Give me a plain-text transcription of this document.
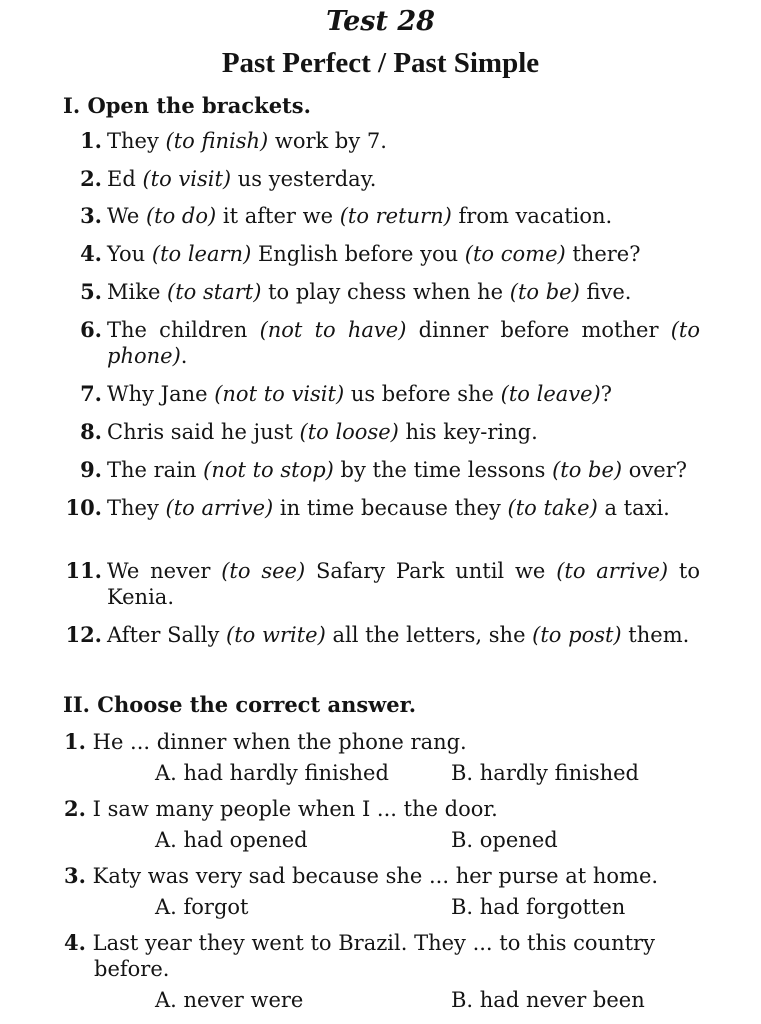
Test 28
Past Perfect / Past Simple
I. Open the brackets.
1. They (to finish) work by 7.
2. Ed (to visit) us yesterday.
3. We (to do) it after we (to return) from vacation.
4. You (to learn) English before you (to come) there?
5. Mike (to start) to play chess when he (to be) five.
6. The children (not to have) dinner before mother (to phone).
7. Why Jane (not to visit) us before she (to leave)?
8. Chris said he just (to loose) his key-ring.
9. The rain (not to stop) by the time lessons (to be) over?
10. They (to arrive) in time because they (to take) a taxi.
11. We never (to see) Safary Park until we (to arrive) to Kenia.
12. After Sally (to write) all the letters, she (to post) them.
II. Choose the correct answer.
1. He ... dinner when the phone rang.
A. had hardly finished	B. hardly finished
2. I saw many people when I ... the door.
A. had opened	B. opened
3. Katy was very sad because she ... her purse at home.
A. forgot	B. had forgotten
4. Last year they went to Brazil. They ... to this country before.
A. never were	B. had never been
